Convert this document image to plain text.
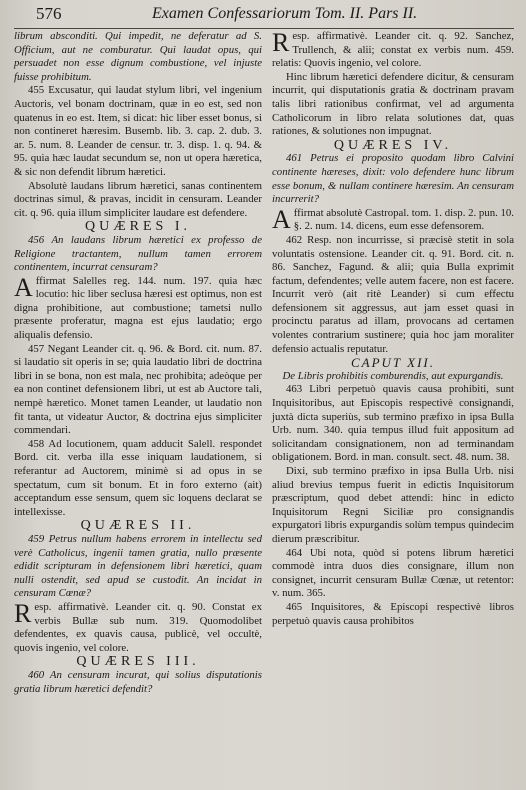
576	Examen Confessariorum Tom. II. Pars II.

librum absconditi. Qui impedit, ne deferatur ad S. Officium, aut ne comburatur. Qui laudat opus, qui persuadet non esse dignum combustione, vel injuste fuisse prohibitum.

455 Excusatur, qui laudat stylum libri, vel ingenium Auctoris, vel bonam doctrinam, quæ in eo est, sed non quatenus in eo est. Item, si dicat: hic liber esset bonus, si non contineret hæresim. Busemb. lib. 3. cap. 2. dub. 3. ar. 5. num. 8. Leander de censur. tr. 3. disp. 1. q. 94. & 95. quia hæc laudat secundum se, non ut opera hæretica, & sic non defendit librum hæretici.

Absolutè laudans librum hæretici, sanas continentem doctrinas simul, & pravas, incidit in censuram. Leander cit. q. 96. quia illum simpliciter laudare est defendere.

QUÆRES I.

456 An laudans librum hæretici ex professo de Religione tractantem, nullum tamen errorem continentem, incurrat censuram?

Affirmat Salelles reg. 144. num. 197. quia hæc locutio: hic liber seclusa hæresi est optimus, non est digna prohibitione, aut combustione; tametsi nullo præsente proferatur, magna est ejus laudatio; ergo aliqualis defensio.

457 Negant Leander cit. q. 96. & Bord. cit. num. 87. si laudatio sit operis in se; quia laudatio libri de doctrina libri in se bona, non est mala, nec prohibita; adeòque per ea non continet defensionem libri, ut est ab Auctore tali, nempè hæretico. Monet tamen Leander, ut laudatio non fit tanta, ut videatur Auctor, & doctrina ejus simpliciter commendari.

458 Ad locutionem, quam adducit Salell. respondet Bord. cit. verba illa esse iniquam laudationem, si referantur ad Auctorem, minimè si ad opus in se spectatum, cum sit bonum. Et in foro externo (ait) acceptandum esse sensum, quem sic loquens declarat se intellexisse.

QUÆRES II.

459 Petrus nullum habens errorem in intellectu sed verè Catholicus, ingenii tamen gratia, nullo præsente edidit scripturam in defensionem libri hæretici, quam nulli ostendit, sed apud se custodit. An incidat in censuram Cœnæ?

Resp. affirmativè. Leander cit. q. 90. Constat ex verbis Bullæ sub num. 319. Quomodolibet defendentes, ex quavis causa, publicè, vel occultè, quovis ingenio, vel colore.

QUÆRES III.

460 An censuram incurat, qui solius disputationis gratia librum hæretici defendit?

Resp. affirmativè. Leander cit. q. 92. Sanchez, Trullench, & alii; constat ex verbis num. 459. relatis: Quovis ingenio, vel colore.

Hinc librum hæretici defendere dicitur, & censuram incurrit, qui disputationis gratia & doctrinam pravam talis libri rationibus confirmat, vel ad argumenta Catholicorum in libro relata solutiones dat, quas rationes, & solutiones non impugnat.

QUÆRES IV.

461 Petrus ei proposito quodam libro Calvini continente hæreses, dixit: volo defendere hunc librum esse bonum, & nullam continere hæresim. An censuram incurrerit?

Affirmat absolutè Castropal. tom. 1. disp. 2. pun. 10. §. 2. num. 14. dicens, eum esse defensorem.

462 Resp. non incurrisse, si præcisè stetit in sola voluntatis ostensione. Leander cit. q. 91. Bord. cit. n. 86. Sanchez, Fagund. & alii; quia Bulla exprimit factum, defendentes; velle autem facere, non est facere. Incurrit verò (ait ritè Leander) si cum effectu defensionem sit aggressus, aut jam esset quasi in procinctu paratus ad illam, provocans ad certamen volentes contrarium sustinere; quia hoc jam moraliter defensio actualis reputatur.

CAPUT XII.

De Libris prohibitis comburendis, aut expurgandis.

463 Libri perpetuò quavis causa prohibiti, sunt Inquisitoribus, aut Episcopis respectivè consignandi, juxtà dicta superiùs, sub termino præfixo in ipsa Bulla Urb. num. 340. quia tempus illud fuit appositum ad solicitandam consignationem, non ad terminandam obligationem. Bord. in man. consult. sect. 48. num. 38.

Dixi, sub termino præfixo in ipsa Bulla Urb. nisi aliud brevius tempus fuerit in edictis Inquisitorum præscriptum, quod debet attendi: hinc in edicto Inquisitorum Regni Siciliæ pro consignandis expurgatori libris expurgandis solùm tempus quindecim dierum præscribitur.

464 Ubi nota, quòd si potens librum hæretici commodè intra duos dies consignare, illum non consignet, incurrit censuram Bullæ Cœnæ, ut retentor: v. num. 365.

465 Inquisitores, & Episcopi respectivè libros perpetuò quavis causa prohibitos
